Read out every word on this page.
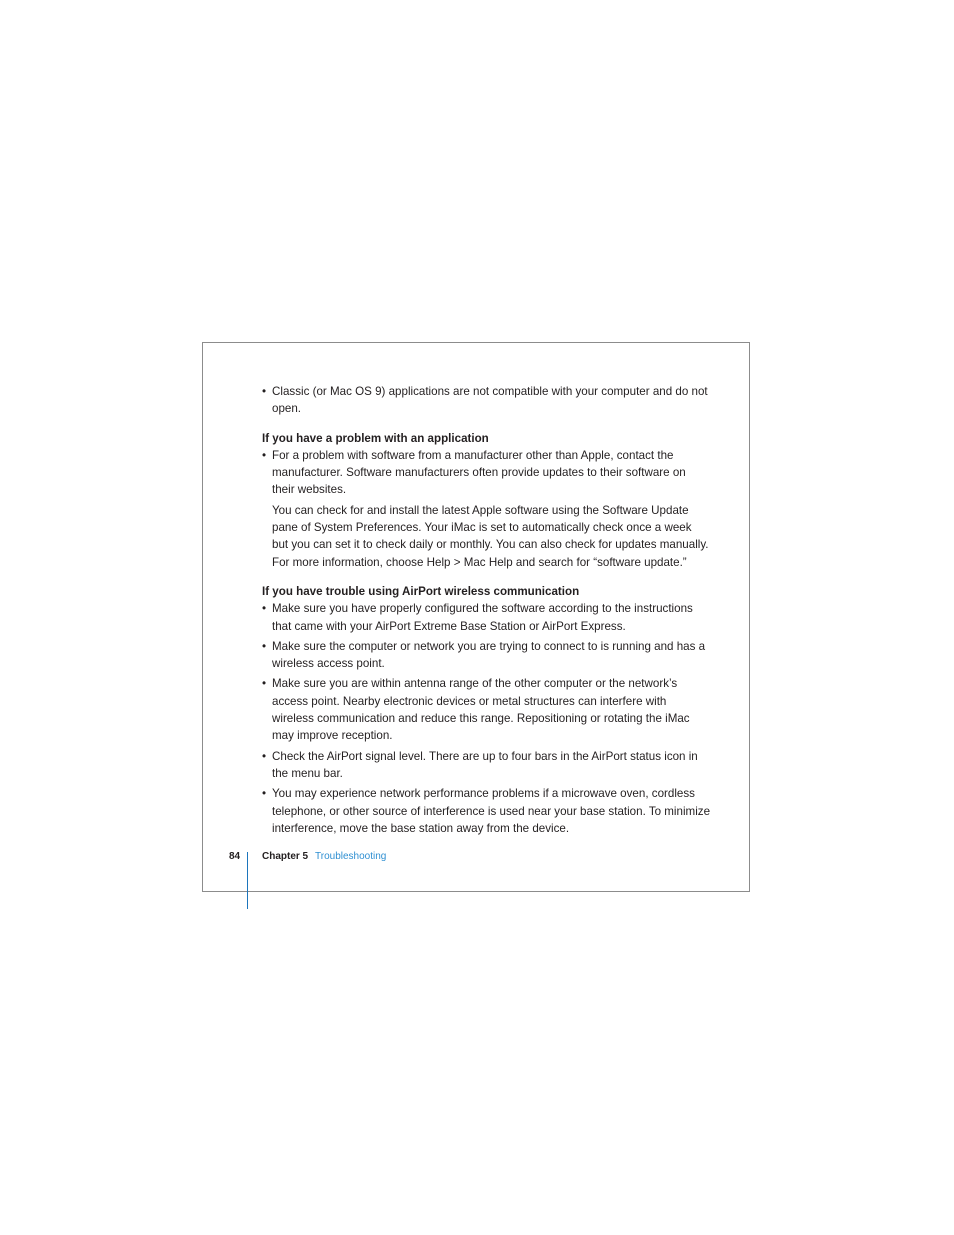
• Classic (or Mac OS 9) applications are not compatible with your computer and do not open.
If you have a problem with an application
• For a problem with software from a manufacturer other than Apple, contact the manufacturer. Software manufacturers often provide updates to their software on their websites.
You can check for and install the latest Apple software using the Software Update pane of System Preferences. Your iMac is set to automatically check once a week but you can set it to check daily or monthly. You can also check for updates manually. For more information, choose Help > Mac Help and search for “software update.”
If you have trouble using AirPort wireless communication
• Make sure you have properly configured the software according to the instructions that came with your AirPort Extreme Base Station or AirPort Express.
• Make sure the computer or network you are trying to connect to is running and has a wireless access point.
• Make sure you are within antenna range of the other computer or the network’s access point. Nearby electronic devices or metal structures can interfere with wireless communication and reduce this range. Repositioning or rotating the iMac may improve reception.
• Check the AirPort signal level. There are up to four bars in the AirPort status icon in the menu bar.
• You may experience network performance problems if a microwave oven, cordless telephone, or other source of interference is used near your base station. To minimize interference, move the base station away from the device.
84 Chapter 5 Troubleshooting
